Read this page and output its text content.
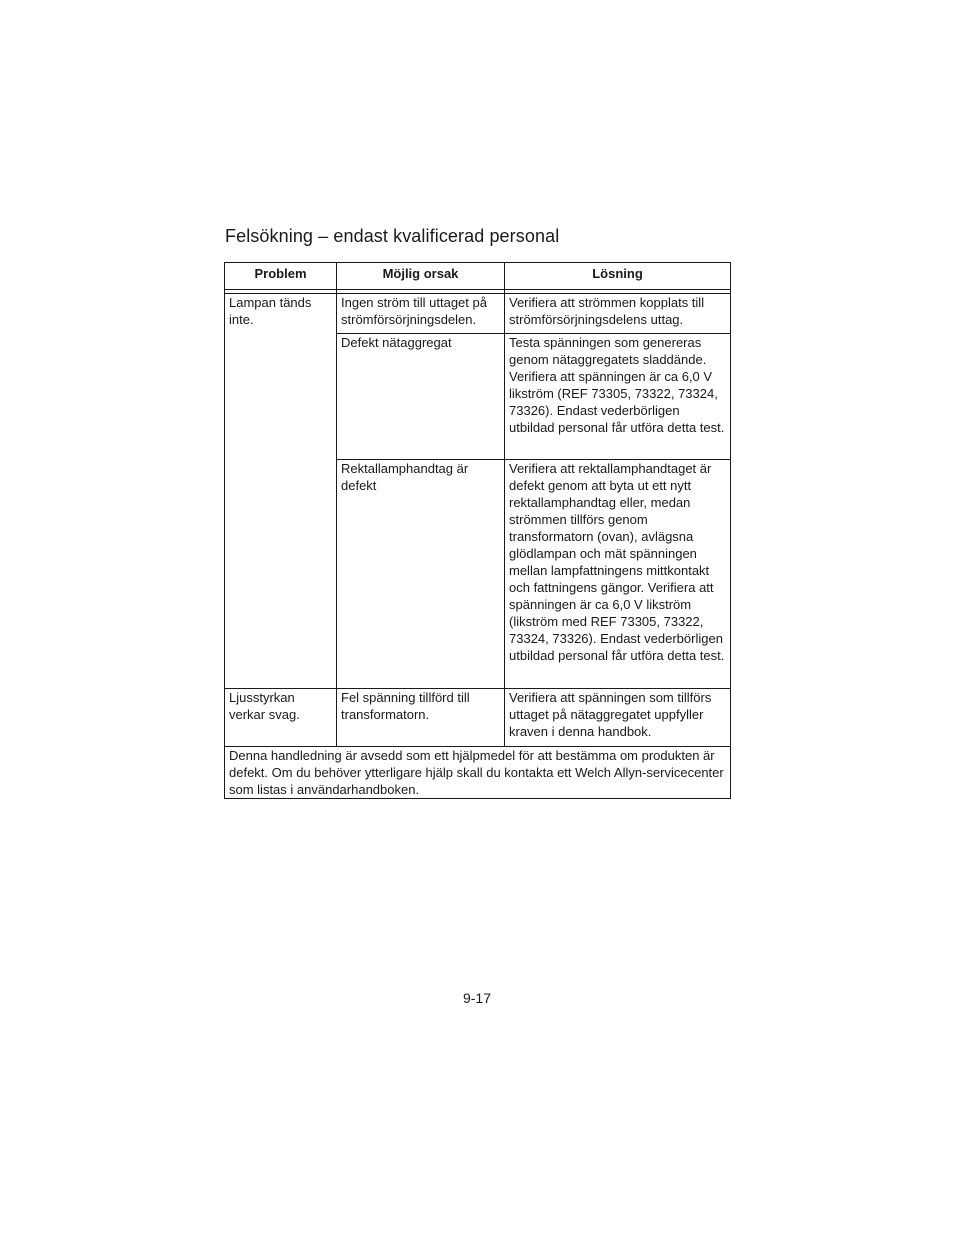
Felsökning – endast kvalificerad personal
Problem	Möjlig orsak	Lösning

Lampan tänds inte.	Ingen ström till uttaget på strömförsörjningsdelen.	Verifiera att strömmen kopplats till strömförsörjningsdelens uttag.
	Defekt nätaggregat	Testa spänningen som genereras genom nätaggregatets sladdände. Verifiera att spänningen är ca 6,0 V likström (REF 73305, 73322, 73324, 73326). Endast vederbörligen utbildad personal får utföra detta test.
	Rektallamphandtag är defekt	Verifiera att rektallamphandtaget är defekt genom att byta ut ett nytt rektallamphandtag eller, medan strömmen tillförs genom transformatorn (ovan), avlägsna glödlampan och mät spänningen mellan lampfattningens mittkontakt och fattningens gängor. Verifiera att spänningen är ca 6,0 V likström (likström med REF 73305, 73322, 73324, 73326). Endast vederbörligen utbildad personal får utföra detta test.
Ljusstyrkan verkar svag.	Fel spänning tillförd till transformatorn.	Verifiera att spänningen som tillförs uttaget på nätaggregatet uppfyller kraven i denna handbok.
Denna handledning är avsedd som ett hjälpmedel för att bestämma om produkten är defekt. Om du behöver ytterligare hjälp skall du kontakta ett Welch Allyn-servicecenter som listas i användarhandboken.		
9-17
